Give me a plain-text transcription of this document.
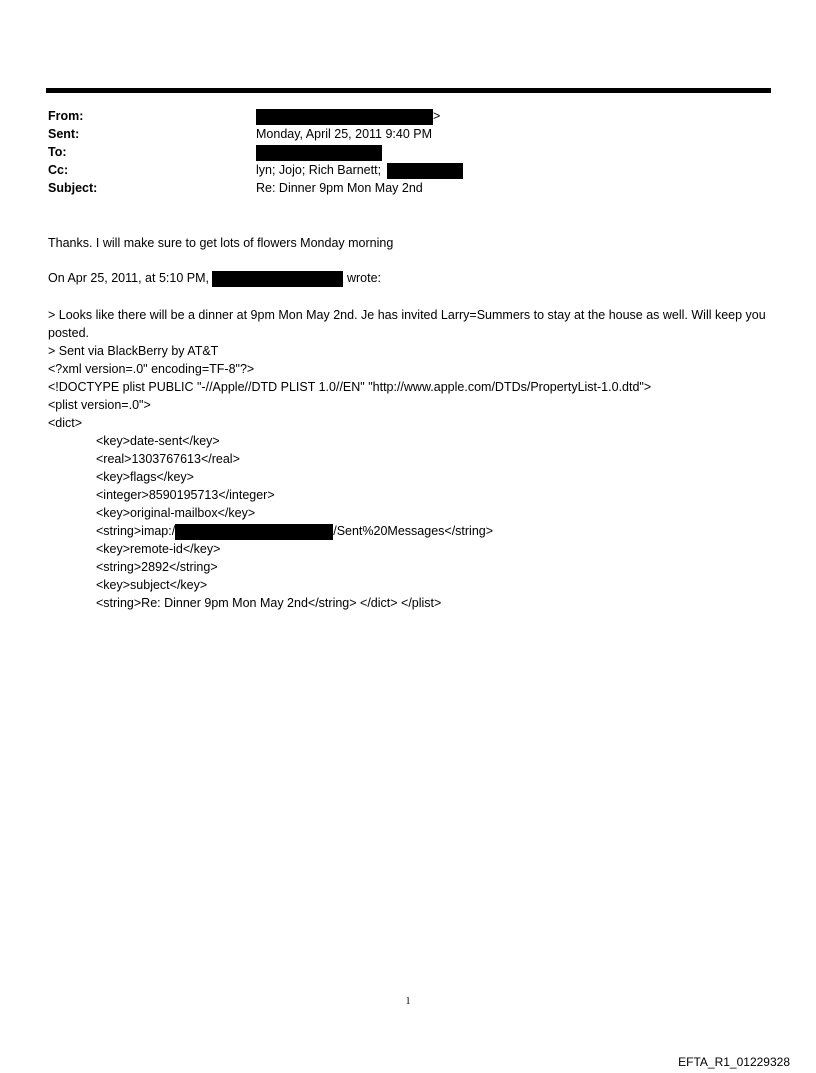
From:	>
Sent:	Monday, April 25, 2011 9:40 PM
To:
Cc:	lyn; Jojo; Rich Barnett;
Subject:	Re: Dinner 9pm Mon May 2nd
Thanks. I will make sure to get lots of flowers Monday morning
On Apr 25, 2011, at 5:10 PM,	wrote:
> Looks like there will be a dinner at 9pm Mon May 2nd. Je has invited Larry=Summers to stay at the house as well. Will keep you posted.
> Sent via BlackBerry by AT&T
<?xml version=.0" encoding=TF-8"?>
<!DOCTYPE plist PUBLIC "-//Apple//DTD PLIST 1.0//EN" "http://www.apple.com/DTDs/PropertyList-1.0.dtd">
<plist version=.0">
<dict>
<key>date-sent</key>
<real>1303767613</real>
<key>flags</key>
<integer>8590195713</integer>
<key>original-mailbox</key>
<string>imap:/	/Sent%20Messages</string>
<key>remote-id</key>
<string>2892</string>
<key>subject</key>
<string>Re: Dinner 9pm Mon May 2nd</string> </dict> </plist>
1
EFTA_R1_01229328
